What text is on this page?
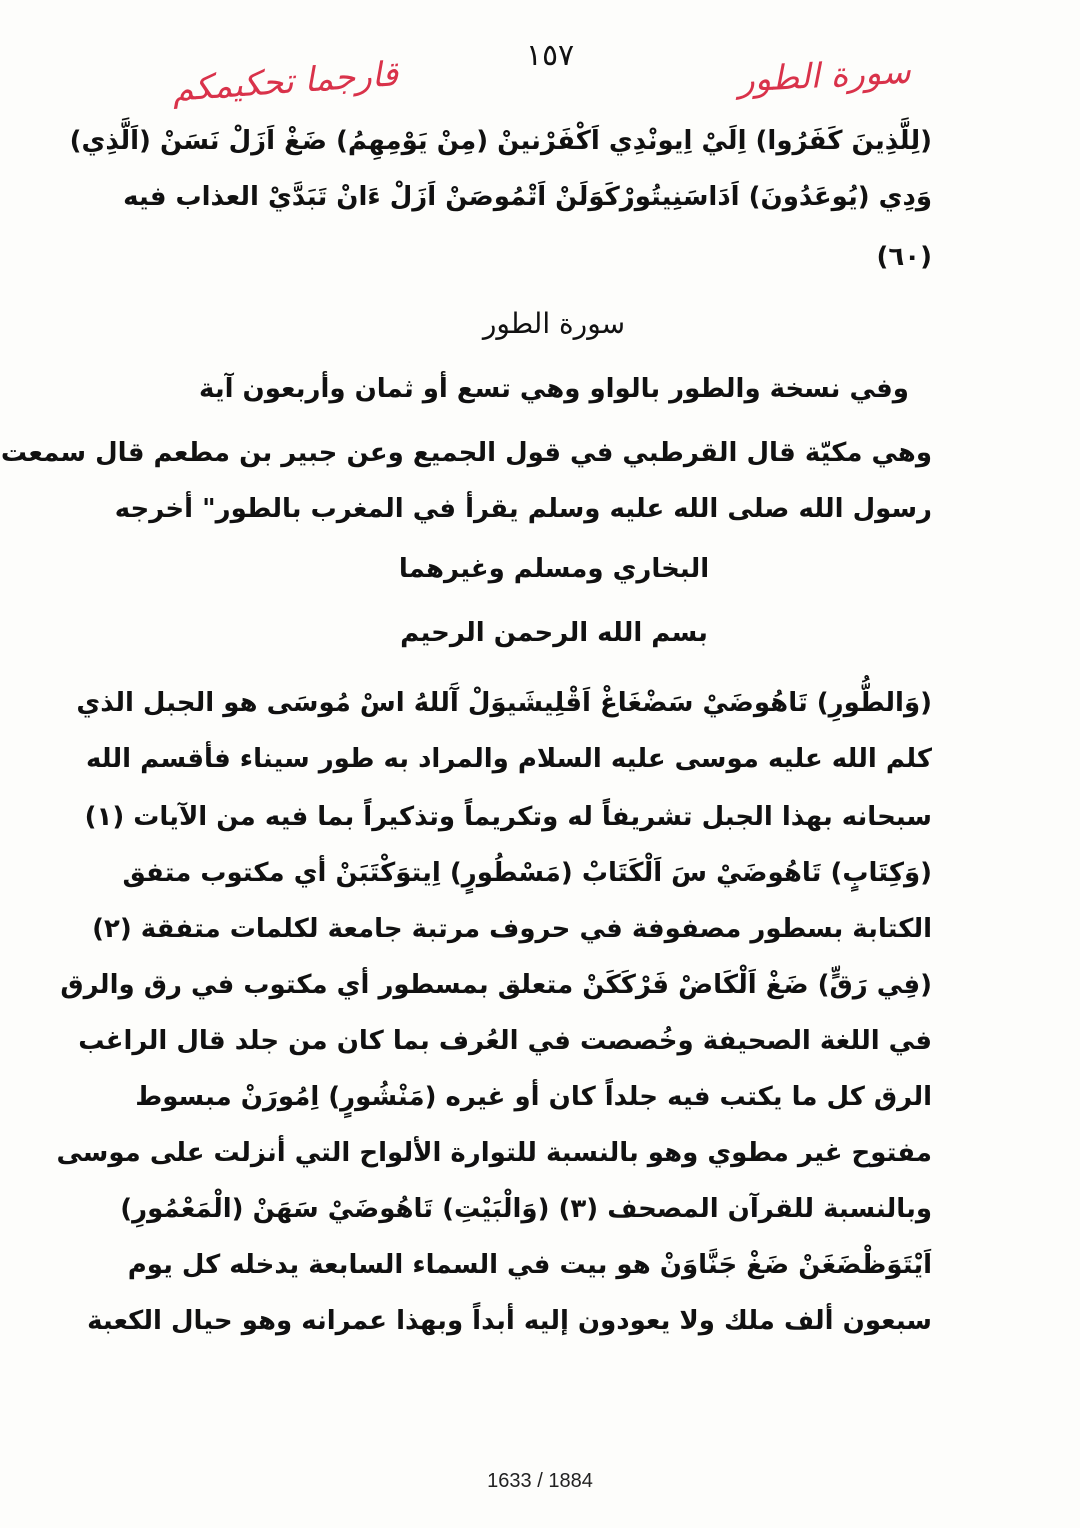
قارجما تحكيمكم	١٥٧	سورة الطور
(لِلَّذِينَ كَفَرُوا) اِلَيْ اِيونْدِي اَكْفَرْنينْ (مِنْ يَوْمِهِمُ) ضَغْ اَزَلْ نَسَنْ (اَلَّذِي)
وَدِي (يُوعَدُونَ) اَدَاسَنِيتُورْكَوَلَنْ اَتْمُوصَنْ اَزَلْ ءَانْ تَبَدَّيْ العذاب فيه
(٦٠)
سورة الطور
وفي نسخة والطور بالواو وهي تسع أو ثمان وأربعون آية
وهي مكيّة قال القرطبي في قول الجميع وعن جبير بن مطعم قال سمعت
رسول الله صلى الله عليه وسلم يقرأ في المغرب بالطور" أخرجه
البخاري ومسلم وغيرهما
بسم الله الرحمن الرحيم
(وَالطُّورِ) تَاهُوضَيْ سَضْغَاغْ اَقْلِيشَيوَلْ آَللهُ اسْ مُوسَى هو الجبل الذي
كلم الله عليه موسى عليه السلام والمراد به طور سيناء فأقسم الله
سبحانه بهذا الجبل تشريفاً له وتكريماً وتذكيراً بما فيه من الآيات (١)
(وَكِتَابٍ) تَاهُوضَيْ سَ اَلْكَتَابْ (مَسْطُورٍ) اِيتوَكْتَبَنْ أي مكتوب متفق
الكتابة بسطور مصفوفة في حروف مرتبة جامعة لكلمات متفقة (٢)
(فِي رَقٍّ) ضَغْ اَلْكَاضْ فَرْكَكَنْ متعلق بمسطور أي مكتوب في رق والرق
في اللغة الصحيفة وخُصصت في العُرف بما كان من جلد قال الراغب
الرق كل ما يكتب فيه جلداً كان أو غيره (مَنْشُورٍ) اِمُورَنْ مبسوط
مفتوح غير مطوي وهو بالنسبة للتوارة الألواح التي أنزلت على موسى
وبالنسبة للقرآن المصحف (٣) (وَالْبَيْتِ) تَاهُوضَيْ سَهَنْ (الْمَعْمُورِ)
اَيْتَوَظْضَغَنْ ضَغْ جَنَّاوَنْ هو بيت في السماء السابعة يدخله كل يوم
سبعون ألف ملك ولا يعودون إليه أبداً وبهذا عمرانه وهو حيال الكعبة
1633 / 1884
